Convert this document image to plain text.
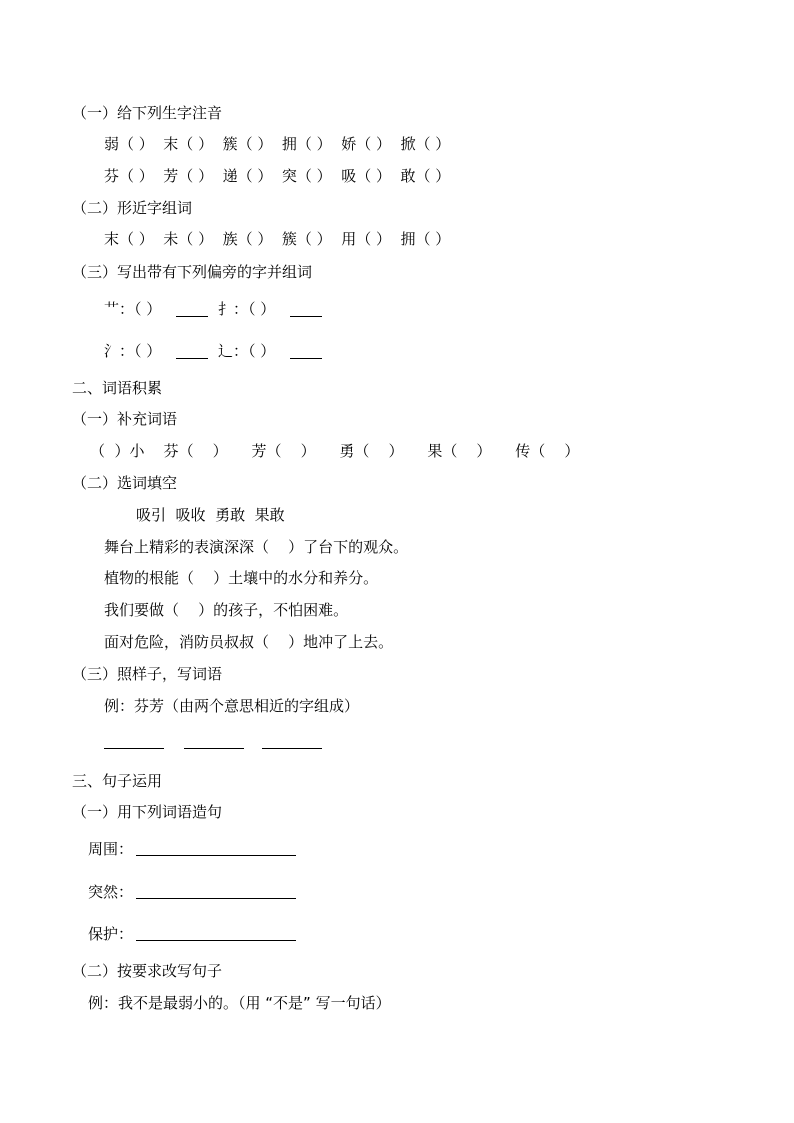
（一）给下列生字注音
弱（ ）  末（ ）  簇（ ）  拥（ ）  娇（ ）  掀（ ）
芬（ ）  芳（ ）  递（ ）  突（ ）  吸（ ）  敢（ ）
（二）形近字组词
末（ ）  未（ ）  族（ ）  簇（ ）  用（ ）  拥（ ）
（三）写出带有下列偏旁的字并组词
艹：（ ）	扌：（ ）
氵：（ ）	辶：（ ）
二、词语积累
（一）补充词语
（  ）小    芬（    ）     芳（    ）     勇（    ）     果（    ）     传（    ）
（二）选词填空
吸引  吸收  勇敢  果敢
舞台上精彩的表演深深（    ）了台下的观众。
植物的根能（    ）土壤中的水分和养分。
我们要做（    ）的孩子，不怕困难。
面对危险，消防员叔叔（    ）地冲了上去。
（三）照样子，写词语
例：芬芳（由两个意思相近的字组成）
三、句子运用
（一）用下列词语造句
周围：
突然：
保护：
（二）按要求改写句子
例：我不是最弱小的。（用 “不是” 写一句话）
